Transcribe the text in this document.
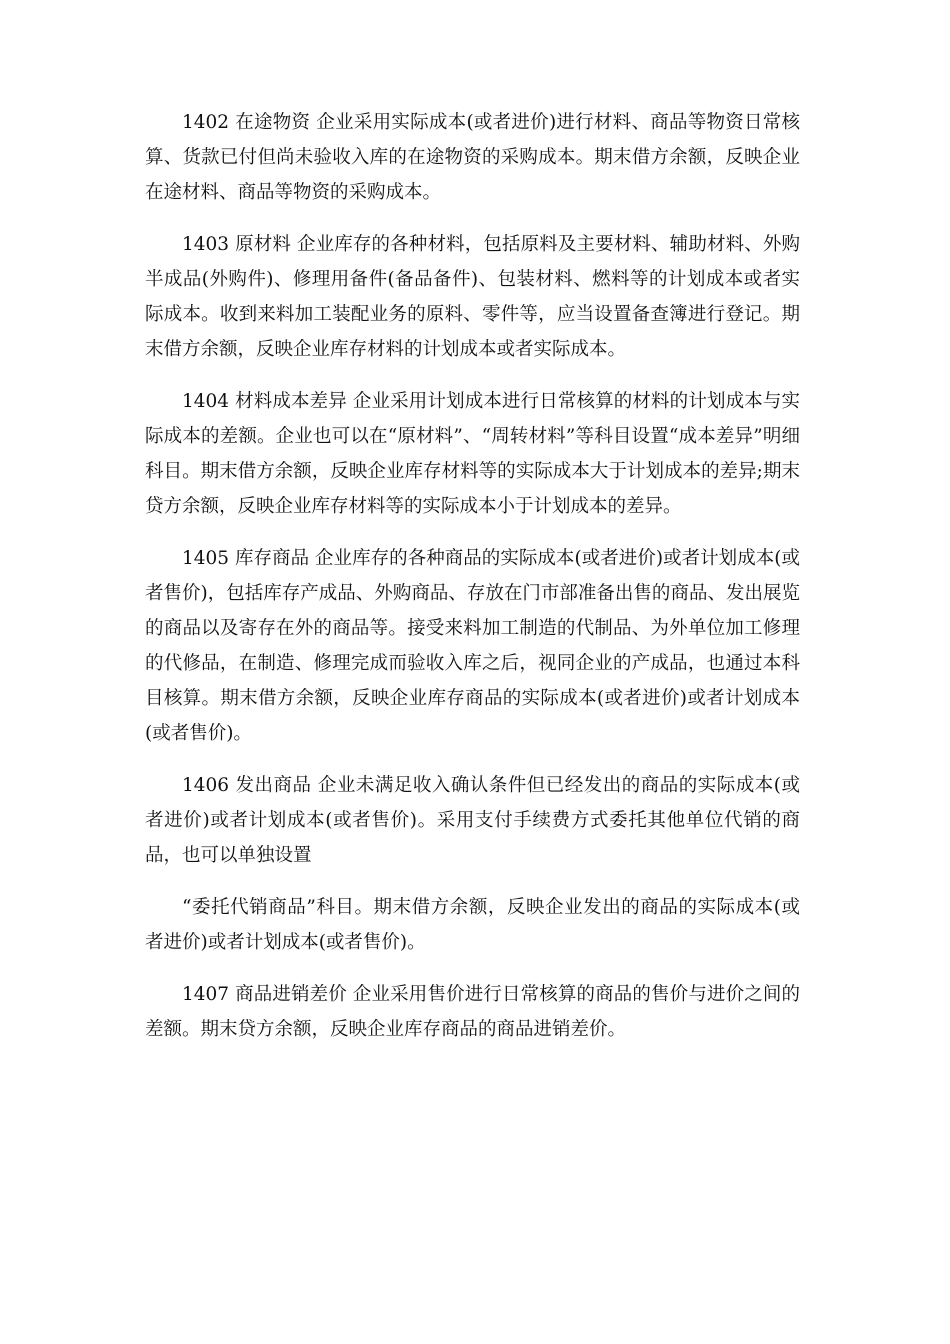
1402 在途物资 企业采用实际成本(或者进价)进行材料、商品等物资日常核算、货款已付但尚未验收入库的在途物资的采购成本。期末借方余额，反映企业在途材料、商品等物资的采购成本。

1403 原材料 企业库存的各种材料，包括原料及主要材料、辅助材料、外购半成品(外购件)、修理用备件(备品备件)、包装材料、燃料等的计划成本或者实际成本。收到来料加工装配业务的原料、零件等，应当设置备查簿进行登记。期末借方余额，反映企业库存材料的计划成本或者实际成本。

1404 材料成本差异 企业采用计划成本进行日常核算的材料的计划成本与实际成本的差额。企业也可以在“原材料”、“周转材料”等科目设置“成本差异”明细科目。期末借方余额，反映企业库存材料等的实际成本大于计划成本的差异;期末贷方余额，反映企业库存材料等的实际成本小于计划成本的差异。

1405 库存商品 企业库存的各种商品的实际成本(或者进价)或者计划成本(或者售价)，包括库存产成品、外购商品、存放在门市部准备出售的商品、发出展览的商品以及寄存在外的商品等。接受来料加工制造的代制品、为外单位加工修理的代修品，在制造、修理完成而验收入库之后，视同企业的产成品，也通过本科目核算。期末借方余额，反映企业库存商品的实际成本(或者进价)或者计划成本(或者售价)。

1406 发出商品 企业未满足收入确认条件但已经发出的商品的实际成本(或者进价)或者计划成本(或者售价)。采用支付手续费方式委托其他单位代销的商品，也可以单独设置

“委托代销商品”科目。期末借方余额，反映企业发出的商品的实际成本(或者进价)或者计划成本(或者售价)。

1407 商品进销差价 企业采用售价进行日常核算的商品的售价与进价之间的差额。期末贷方余额，反映企业库存商品的商品进销差价。
